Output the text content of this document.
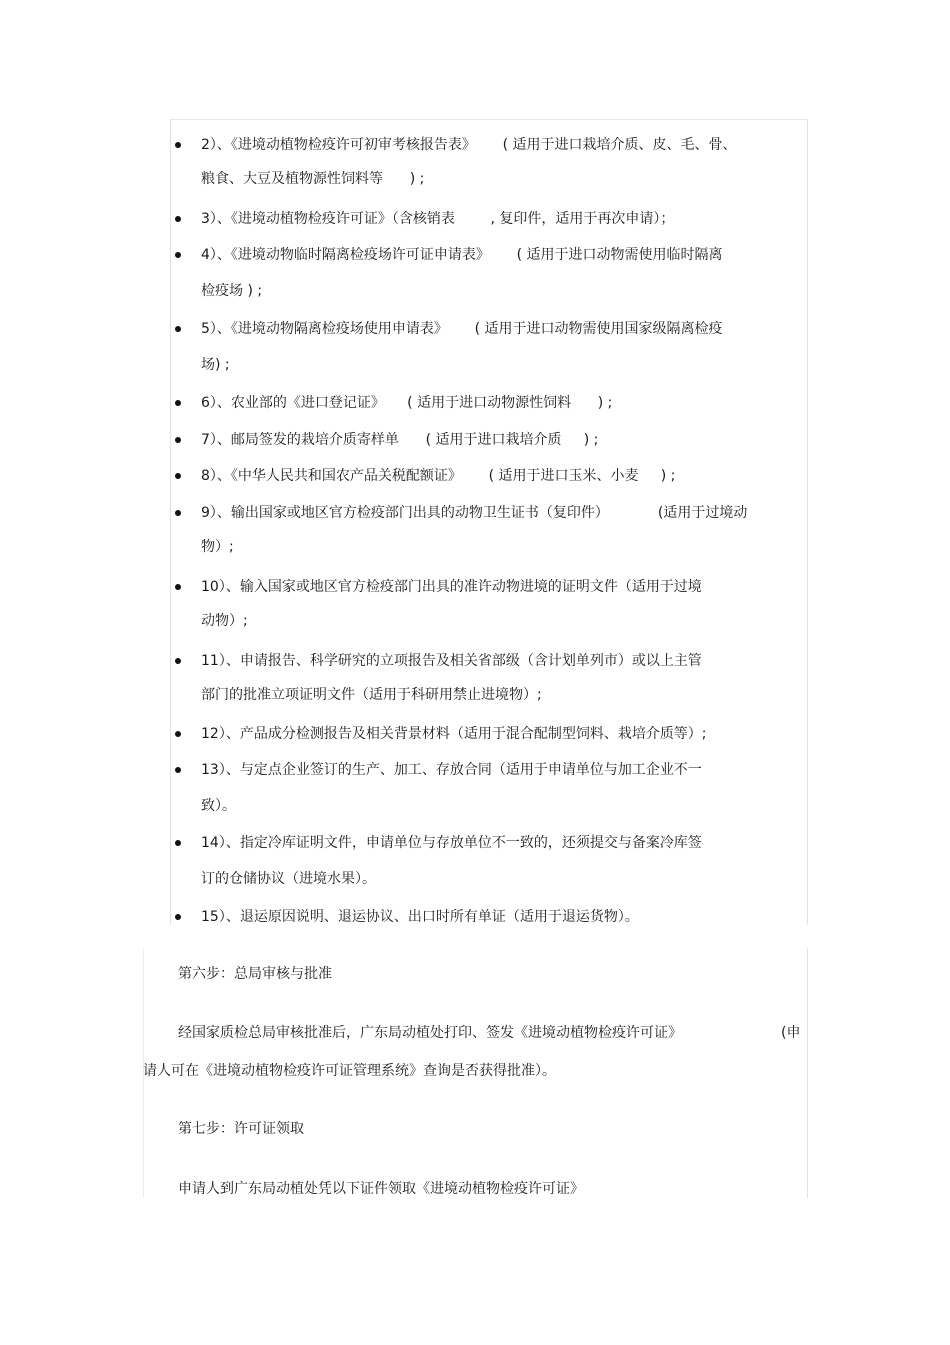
2）、《进境动植物检疫许可初审考核报告表》      ( 适用于进口栽培介质、皮、毛、骨、
粮食、大豆及植物源性饲料等      ) ;
3）、《进境动植物检疫许可证》（含核销表        , 复印件，适用于再次申请）；
4）、《进境动物临时隔离检疫场许可证申请表》      ( 适用于进口动物需使用临时隔离
检疫场 ) ;
5）、《进境动物隔离检疫场使用申请表》      ( 适用于进口动物需使用国家级隔离检疫
场) ;
6）、农业部的《进口登记证》     ( 适用于进口动物源性饲料      ) ;
7）、邮局签发的栽培介质寄样单      ( 适用于进口栽培介质     ) ;
8）、《中华人民共和国农产品关税配额证》      ( 适用于进口玉米、小麦     ) ;
9）、输出国家或地区官方检疫部门出具的动物卫生证书（复印件）           (适用于过境动
物）;
10）、输入国家或地区官方检疫部门出具的准许动物进境的证明文件（适用于过境
动物）;
11）、申请报告、科学研究的立项报告及相关省部级（含计划单列市）或以上主管
部门的批准立项证明文件（适用于科研用禁止进境物）;
12）、产品成分检测报告及相关背景材料（适用于混合配制型饲料、栽培介质等）;
13）、与定点企业签订的生产、加工、存放合同（适用于申请单位与加工企业不一
致）。
14）、指定冷库证明文件，申请单位与存放单位不一致的，还须提交与备案冷库签
订的仓储协议（进境水果）。
15）、退运原因说明、退运协议、出口时所有单证（适用于退运货物）。
第六步：总局审核与批准
经国家质检总局审核批准后，广东局动植处打印、签发《进境动植物检疫许可证》	(申
请人可在《进境动植物检疫许可证管理系统》查询是否获得批准）。
第七步：许可证领取
申请人到广东局动植处凭以下证件领取《进境动植物检疫许可证》
